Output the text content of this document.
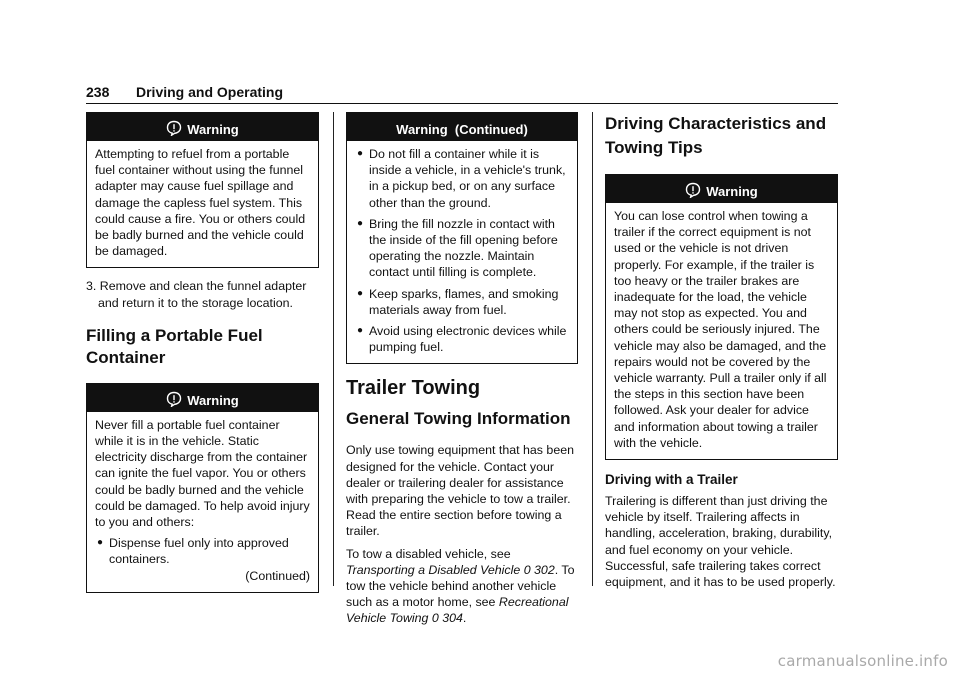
238 Driving and Operating
Warning

Attempting to refuel from a portable fuel container without using the funnel adapter may cause fuel spillage and damage the capless fuel system. This could cause a fire. You or others could be badly burned and the vehicle could be damaged.

3. Remove and clean the funnel adapter and return it to the storage location.

Filling a Portable Fuel Container
Warning

Never fill a portable fuel container while it is in the vehicle. Static electricity discharge from the container can ignite the fuel vapor. You or others could be badly burned and the vehicle could be damaged. To help avoid injury to you and others:

● Dispense fuel only into approved containers.

(Continued)

Warning  (Continued)
● Do not fill a container while it is inside a vehicle, in a vehicle's trunk, in a pickup bed, or on any surface other than the ground.
● Bring the fill nozzle in contact with the inside of the fill opening before operating the nozzle. Maintain contact until filling is complete.
● Keep sparks, flames, and smoking materials away from fuel.
● Avoid using electronic devices while pumping fuel.
Trailer Towing
General Towing Information

Only use towing equipment that has been designed for the vehicle. Contact your dealer or trailering dealer for assistance with preparing the vehicle to tow a trailer. Read the entire section before towing a trailer.

To tow a disabled vehicle, see Transporting a Disabled Vehicle 0 302. To tow the vehicle behind another vehicle such as a motor home, see Recreational Vehicle Towing 0 304.

Driving Characteristics and Towing Tips
Warning

You can lose control when towing a trailer if the correct equipment is not used or the vehicle is not driven properly. For example, if the trailer is too heavy or the trailer brakes are inadequate for the load, the vehicle may not stop as expected. You and others could be seriously injured. The vehicle may also be damaged, and the repairs would not be covered by the vehicle warranty. Pull a trailer only if all the steps in this section have been followed. Ask your dealer for advice and information about towing a trailer with the vehicle.

Driving with a Trailer

Trailering is different than just driving the vehicle by itself. Trailering affects in handling, acceleration, braking, durability, and fuel economy on your vehicle. Successful, safe trailering takes correct equipment, and it has to be used properly.

carmanualsonline.info
